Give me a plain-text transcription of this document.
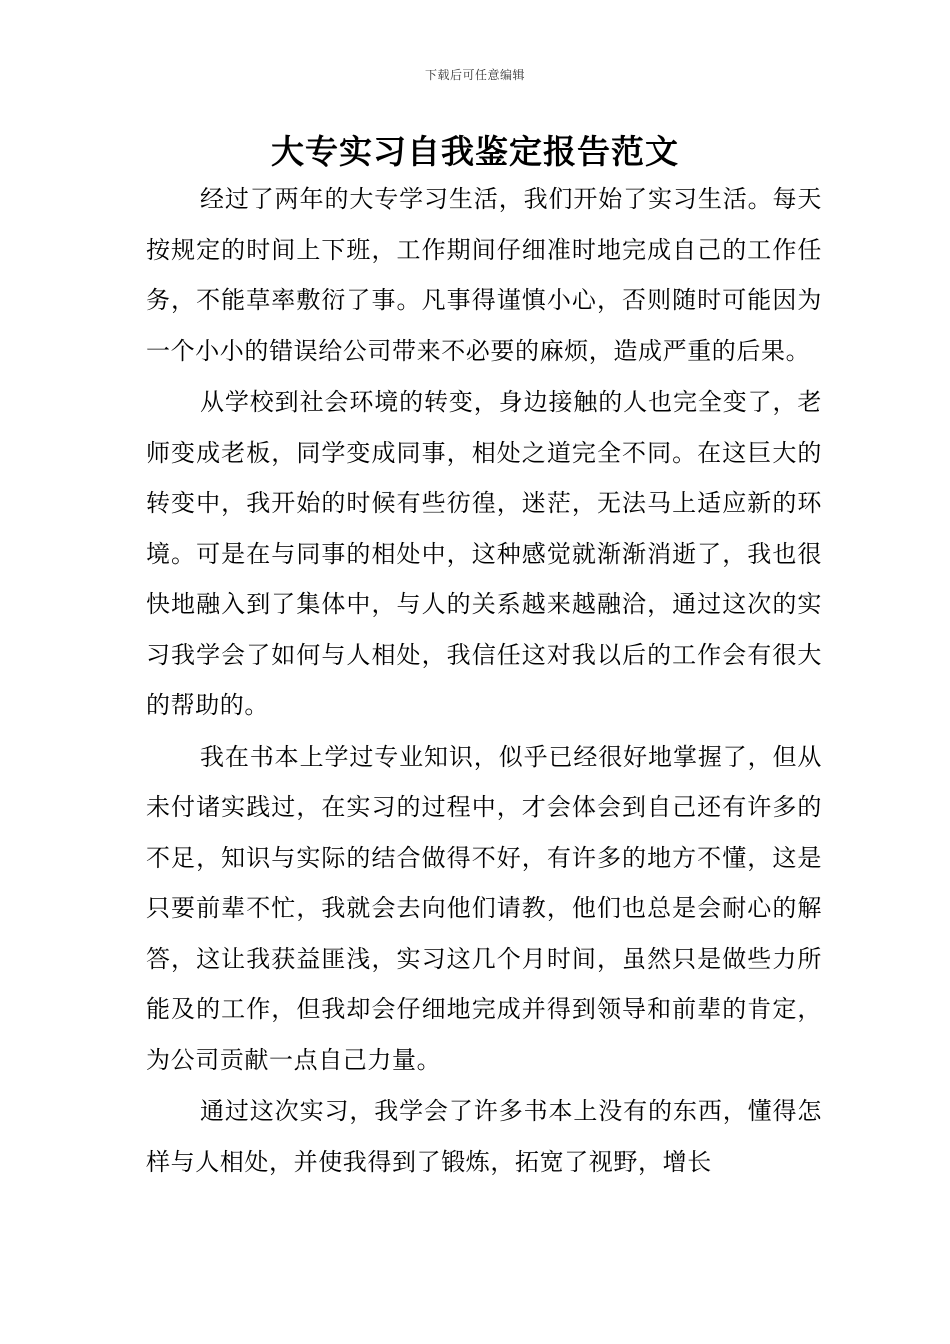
下载后可任意编辑
大专实习自我鉴定报告范文

经过了两年的大专学习生活，我们开始了实习生活。每天按规定的时间上下班，工作期间仔细准时地完成自己的工作任务，不能草率敷衍了事。凡事得谨慎小心，否则随时可能因为一个小小的错误给公司带来不必要的麻烦，造成严重的后果。

从学校到社会环境的转变，身边接触的人也完全变了，老师变成老板，同学变成同事，相处之道完全不同。在这巨大的转变中，我开始的时候有些彷徨，迷茫，无法马上适应新的环境。可是在与同事的相处中，这种感觉就渐渐消逝了，我也很快地融入到了集体中，与人的关系越来越融洽，通过这次的实习我学会了如何与人相处，我信任这对我以后的工作会有很大的帮助的。

我在书本上学过专业知识，似乎已经很好地掌握了，但从未付诸实践过，在实习的过程中，才会体会到自己还有许多的不足，知识与实际的结合做得不好，有许多的地方不懂，这是只要前辈不忙，我就会去向他们请教，他们也总是会耐心的解答，这让我获益匪浅，实习这几个月时间，虽然只是做些力所能及的工作，但我却会仔细地完成并得到领导和前辈的肯定，为公司贡献一点自己力量。

通过这次实习，我学会了许多书本上没有的东西，懂得怎样与人相处，并使我得到了锻炼，拓宽了视野，增长
